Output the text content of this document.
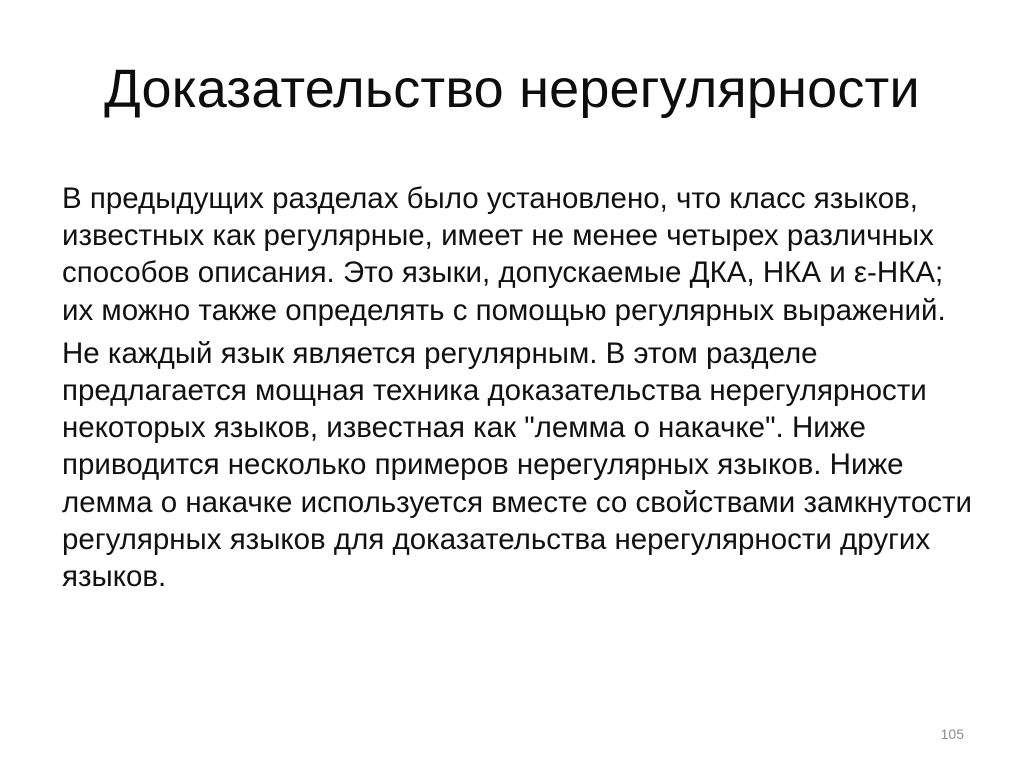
Доказательство нерегулярности

В предыдущих разделах было установлено, что класс языков, известных как регулярные, имеет не менее четырех различных способов описания. Это языки, допускаемые ДКА, НКА и ε-НКА; их можно также определять с помощью регулярных выражений.

Не каждый язык является регулярным. В этом разделе предлагается мощная техника доказательства нерегулярности некоторых языков, известная как "лемма о накачке". Ниже приводится несколько примеров нерегулярных языков. Ниже лемма о накачке используется вместе со свойствами замкнутости регулярных языков для доказательства нерегулярности других языков.

105
